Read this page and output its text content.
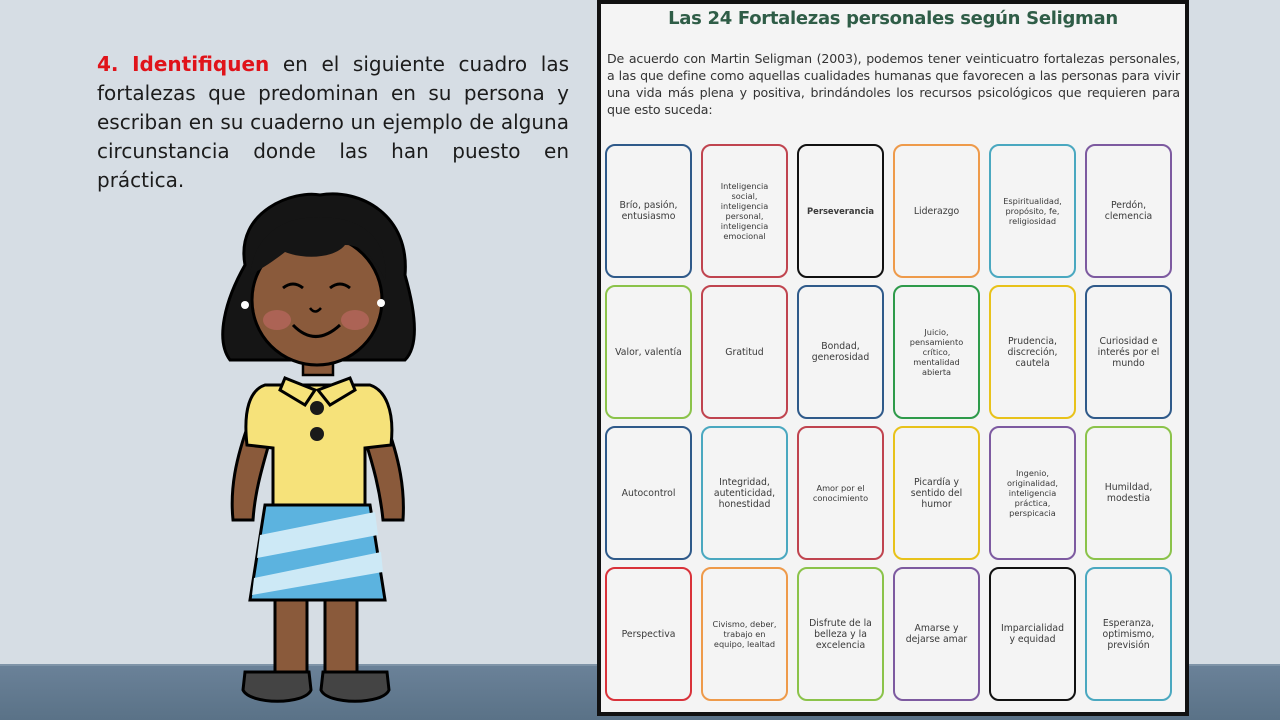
4. Identifiquen en el siguiente cuadro las fortalezas que predominan en su persona y escriban en su cuaderno un ejemplo de alguna circunstancia donde las han puesto en práctica.

Las 24 Fortalezas personales según Seligman
De acuerdo con Martin Seligman (2003), podemos tener veinticuatro fortalezas personales, a las que define como aquellas cualidades humanas que favorecen a las personas para vivir una vida más plena y positiva, brindándoles los recursos psicológicos que requieren para que esto suceda:
Brío, pasión, entusiasmo
Inteligencia social, inteligencia personal, inteligencia emocional
Perseverancia	Liderazgo
Espiritualidad, propósito, fe, religiosidad
Perdón, clemencia
Valor, valentía	Gratitud	Bondad, generosidad
Juicio, pensamiento crítico, mentalidad abierta
Prudencia, discreción, cautela
Curiosidad e interés por el mundo
Autocontrol
Integridad, autenticidad, honestidad
Amor por el conocimiento
Picardía y sentido del humor
Ingenio, originalidad, inteligencia práctica, perspicacia
Humildad, modestia
Perspectiva
Civismo, deber, trabajo en equipo, lealtad
Disfrute de la belleza y la excelencia
Amarse y dejarse amar
Imparcialidad y equidad
Esperanza, optimismo, previsión
